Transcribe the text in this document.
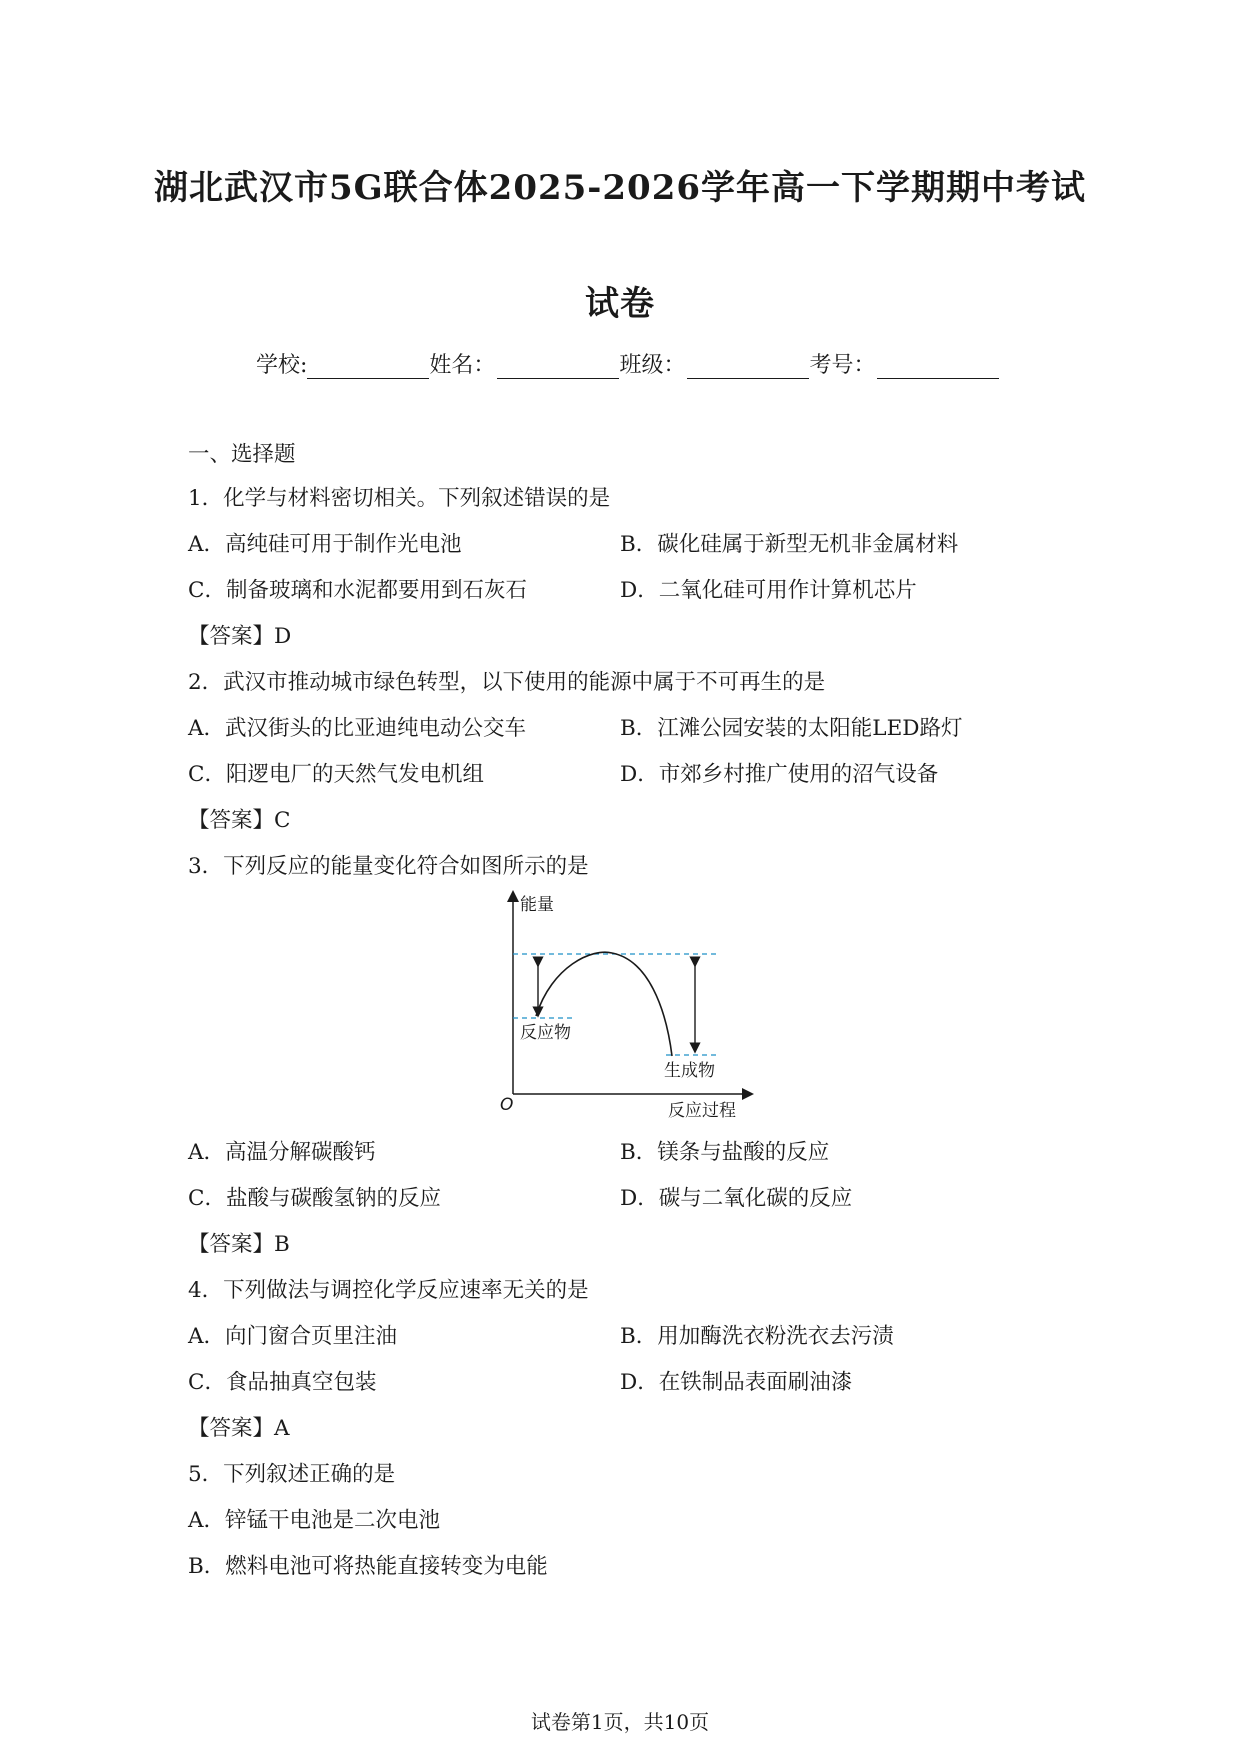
湖北武汉市5G联合体2025-2026学年高一下学期期中考试
试卷
学校:	姓名：	班级：	考号：
一、选择题
1．化学与材料密切相关。下列叙述错误的是
A．高纯硅可用于制作光电池	B．碳化硅属于新型无机非金属材料
C．制备玻璃和水泥都要用到石灰石	D．二氧化硅可用作计算机芯片
【答案】D
2．武汉市推动城市绿色转型，以下使用的能源中属于不可再生的是
A．武汉街头的比亚迪纯电动公交车	B．江滩公园安装的太阳能LED路灯
C．阳逻电厂的天然气发电机组	D．市郊乡村推广使用的沼气设备
【答案】C
3．下列反应的能量变化符合如图所示的是
能量
反应过程
O
反应物
生成物
A．高温分解碳酸钙	B．镁条与盐酸的反应
C．盐酸与碳酸氢钠的反应	D．碳与二氧化碳的反应
【答案】B
4．下列做法与调控化学反应速率无关的是
A．向门窗合页里注油	B．用加酶洗衣粉洗衣去污渍
C．食品抽真空包装	D．在铁制品表面刷油漆
【答案】A
5．下列叙述正确的是
A．锌锰干电池是二次电池
B．燃料电池可将热能直接转变为电能
试卷第1页，共10页
